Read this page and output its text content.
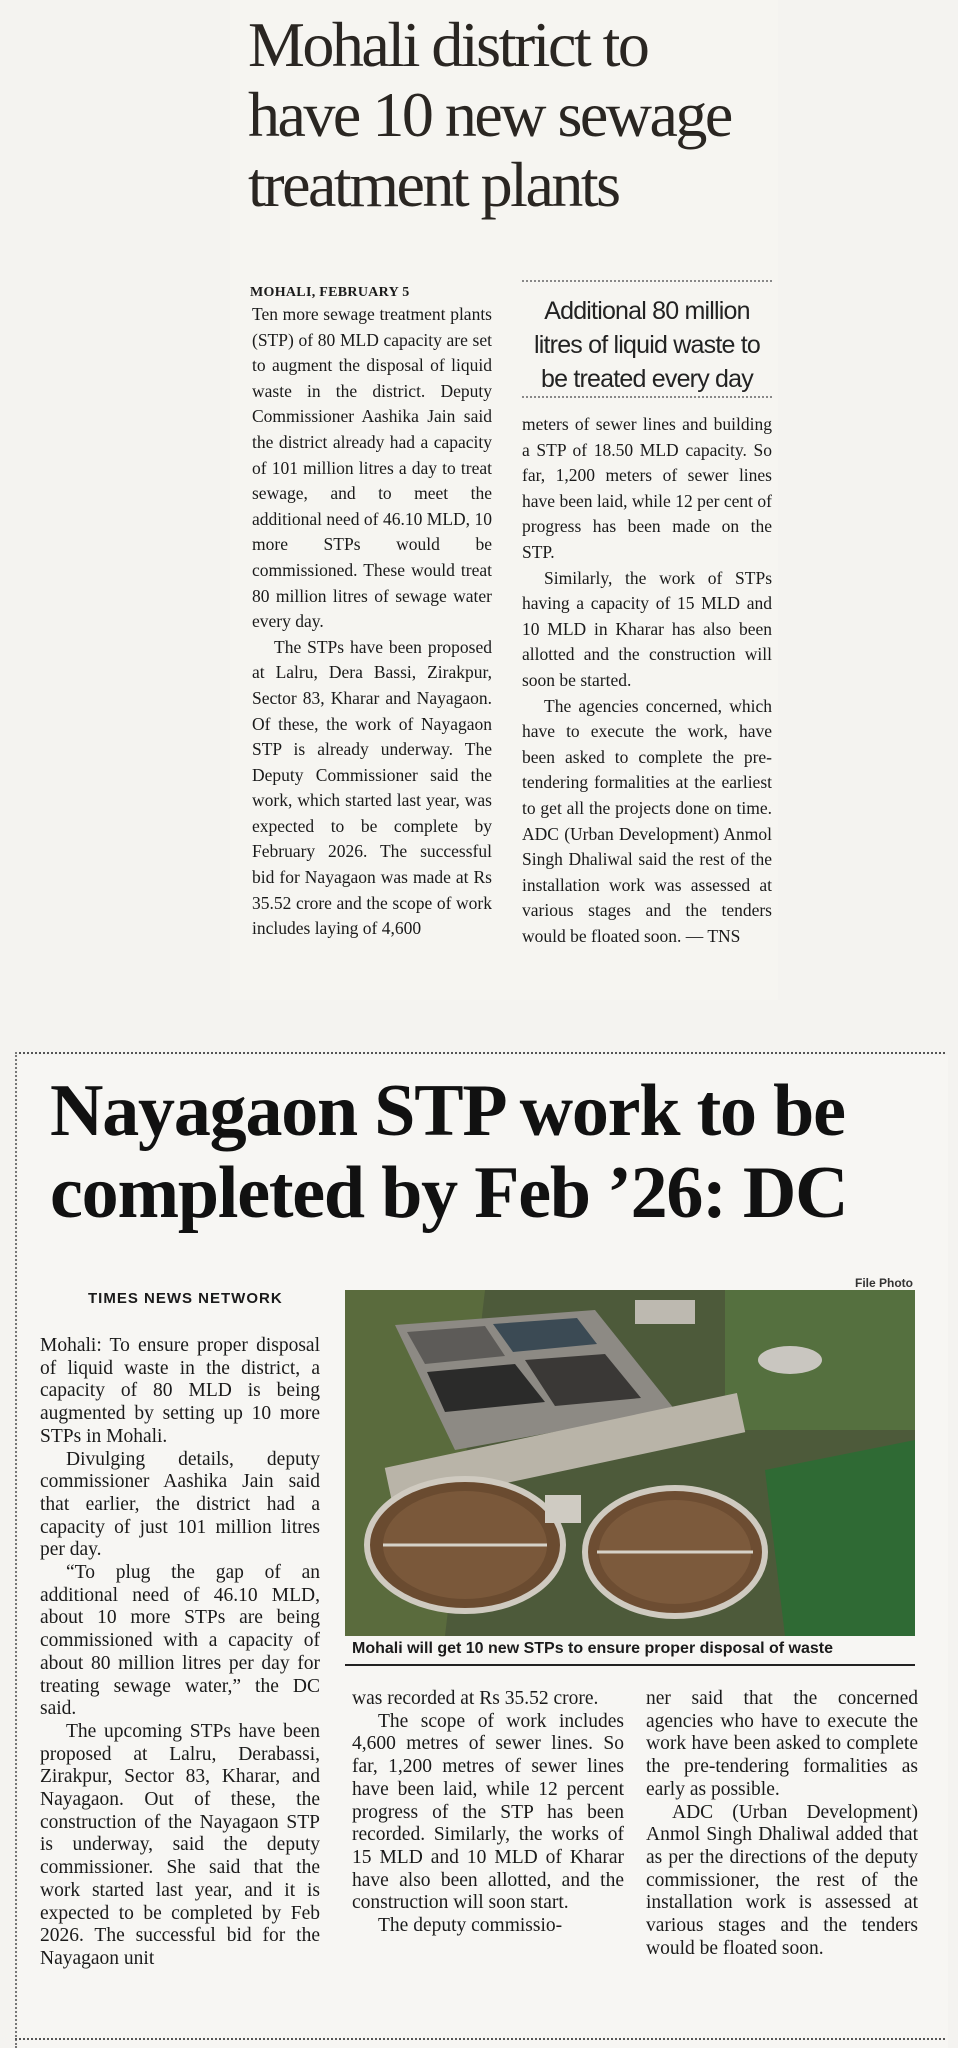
Mohali district to have 10 new sewage treatment plants
MOHALI, FEBRUARY 5

Ten more sewage treatment plants (STP) of 80 MLD capacity are set to augment the disposal of liquid waste in the district. Deputy Commissioner Aashika Jain said the district already had a capacity of 101 million litres a day to treat sewage, and to meet the additional need of 46.10 MLD, 10 more STPs would be commissioned. These would treat 80 million litres of sewage water every day.

The STPs have been proposed at Lalru, Dera Bassi, Zirakpur, Sector 83, Kharar and Nayagaon. Of these, the work of Nayagaon STP is already underway. The Deputy Commissioner said the work, which started last year, was expected to be complete by February 2026. The successful bid for Nayagaon was made at Rs 35.52 crore and the scope of work includes laying of 4,600

Additional 80 million litres of liquid waste to be treated every day

meters of sewer lines and building a STP of 18.50 MLD capacity. So far, 1,200 meters of sewer lines have been laid, while 12 per cent of progress has been made on the STP.

Similarly, the work of STPs having a capacity of 15 MLD and 10 MLD in Kharar has also been allotted and the construction will soon be started.

The agencies concerned, which have to execute the work, have been asked to complete the pre-tendering formalities at the earliest to get all the projects done on time. ADC (Urban Development) Anmol Singh Dhaliwal said the rest of the installation work was assessed at various stages and the tenders would be floated soon. — TNS

Nayagaon STP work to be completed by Feb ’26: DC
TIMES NEWS NETWORK
File Photo
Mohali will get 10 new STPs to ensure proper disposal of waste

Mohali: To ensure proper disposal of liquid waste in the district, a capacity of 80 MLD is being augmented by setting up 10 more STPs in Mohali.

Divulging details, deputy commissioner Aashika Jain said that earlier, the district had a capacity of just 101 million litres per day.

“To plug the gap of an additional need of 46.10 MLD, about 10 more STPs are being commissioned with a capacity of about 80 million litres per day for treating sewage water,” the DC said.

The upcoming STPs have been proposed at Lalru, Derabassi, Zirakpur, Sector 83, Kharar, and Nayagaon. Out of these, the construction of the Nayagaon STP is underway, said the deputy commissioner. She said that the work started last year, and it is expected to be completed by Feb 2026. The successful bid for the Nayagaon unit

was recorded at Rs 35.52 crore.

The scope of work includes 4,600 metres of sewer lines. So far, 1,200 metres of sewer lines have been laid, while 12 percent progress of the STP has been recorded. Similarly, the works of 15 MLD and 10 MLD of Kharar have also been allotted, and the construction will soon start.

The deputy commissio-

ner said that the concerned agencies who have to execute the work have been asked to complete the pre-tendering formalities as early as possible.

ADC (Urban Development) Anmol Singh Dhaliwal added that as per the directions of the deputy commissioner, the rest of the installation work is assessed at various stages and the tenders would be floated soon.
